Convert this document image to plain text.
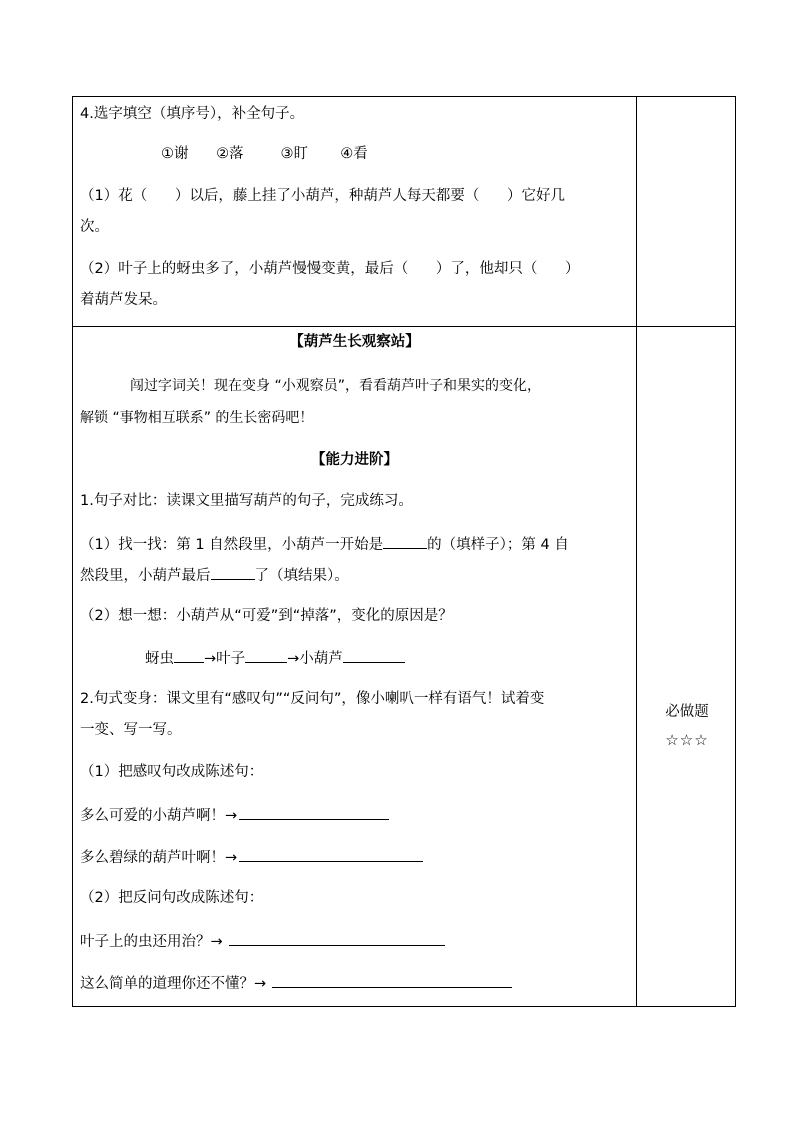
4.选字填空（填序号），补全句子。
①谢      ②落        ③盯       ④看
（1）花（      ）以后，藤上挂了小葫芦，种葫芦人每天都要（      ）它好几
次。
（2）叶子上的蚜虫多了，小葫芦慢慢变黄，最后（      ）了，他却只（      ）
着葫芦发呆。
【葫芦生长观察站】
闯过字词关！现在变身 “小观察员”，看看葫芦叶子和果实的变化，
解锁 “事物相互联系” 的生长密码吧！
【能力进阶】
1.句子对比：读课文里描写葫芦的句子，完成练习。
（1）找一找：第 1 自然段里，小葫芦一开始是	的（填样子）；第 4 自
然段里，小葫芦最后	了（填结果）。
（2）想一想：小葫芦从“可爱”到“掉落”，变化的原因是？
蚜虫 →叶子	→小葫芦
2.句式变身：课文里有“感叹句”“反问句”，像小喇叭一样有语气！试着变
一变、写一写。
（1）把感叹句改成陈述句：
多么可爱的小葫芦啊！→
多么碧绿的葫芦叶啊！→
（2）把反问句改成陈述句：
叶子上的虫还用治？→
这么简单的道理你还不懂？→
必做题
☆☆☆
